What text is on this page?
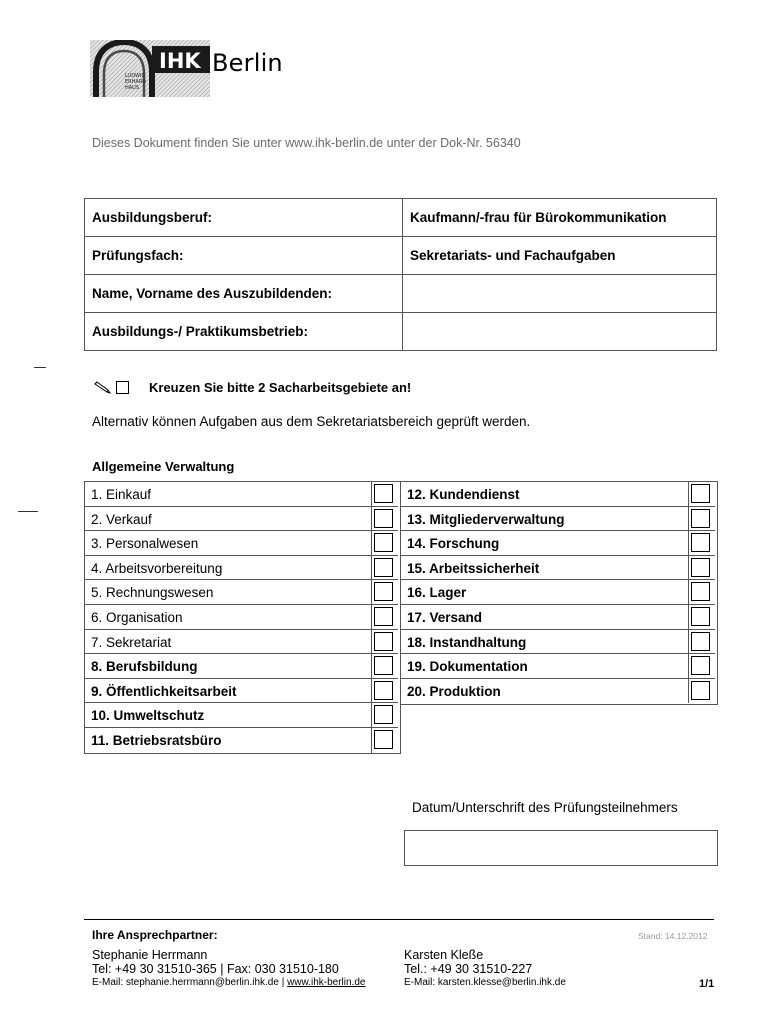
IHK
LUDWIG
ERHARD
HAUS
Berlin
Dieses Dokument finden Sie unter www.ihk-berlin.de unter der Dok-Nr. 56340
Ausbildungsberuf:	Kaufmann/-frau für Bürokommunikation
Prüfungsfach:	Sekretariats- und Fachaufgaben
Name, Vorname des Auszubildenden:	
Ausbildungs-/ Praktikumsbetrieb:	
Kreuzen Sie bitte 2 Sacharbeitsgebiete an!
Alternativ können Aufgaben aus dem Sekretariatsbereich geprüft werden.
Allgemeine Verwaltung
1. Einkauf
2. Verkauf
3. Personalwesen
4. Arbeitsvorbereitung
5. Rechnungswesen
6. Organisation
7. Sekretariat
8. Berufsbildung
9. Öffentlichkeitsarbeit
10. Umweltschutz
11. Betriebsratsbüro
12. Kundendienst
13. Mitgliederverwaltung
14. Forschung
15. Arbeitssicherheit
16. Lager
17. Versand
18. Instandhaltung
19. Dokumentation
20. Produktion
Datum/Unterschrift des Prüfungsteilnehmers
Ihre Ansprechpartner:	Stand: 14.12.2012
Stephanie Herrmann
Tel: +49 30 31510-365 | Fax: 030 31510-180
E-Mail: stephanie.herrmann@berlin.ihk.de | www.ihk-berlin.de
Karsten Kleße
Tel.: +49 30 31510-227
E-Mail: karsten.klesse@berlin.ihk.de	1/1
